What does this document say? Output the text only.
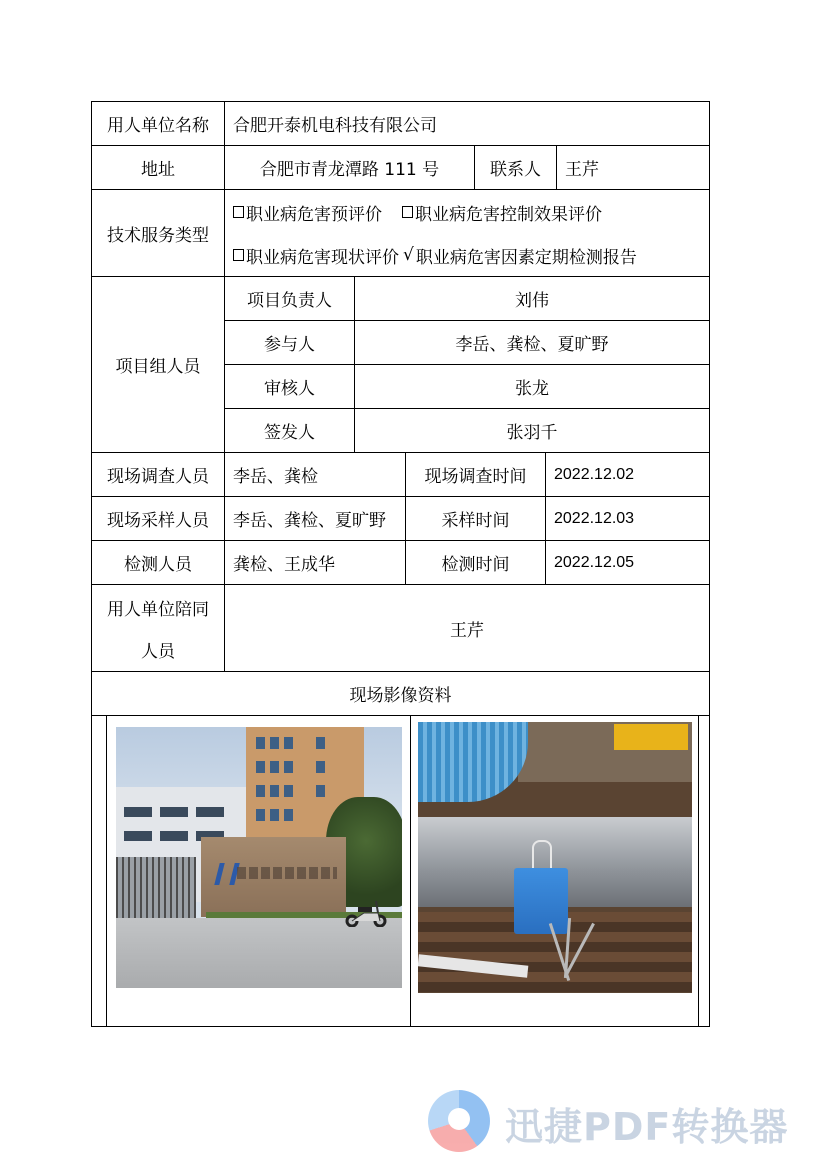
用人单位名称	合肥开泰机电科技有限公司
地址	合肥市青龙潭路 111 号	联系人	王芹
技术服务类型
职业病危害预评价 职业病危害控制效果评价
职业病危害现状评价 √ 职业病危害因素定期检测报告
项目组人员
项目负责人	刘伟
参与人	李岳、龚检、夏旷野
审核人	张龙
签发人	张羽千
现场调查人员	李岳、龚检	现场调查时间	2022.12.02
现场采样人员	李岳、龚检、夏旷野	采样时间	2022.12.03
检测人员	龚检、王成华	检测时间	2022.12.05
用人单位陪同
人员
王芹
现场影像资料
迅捷PDF转换器
